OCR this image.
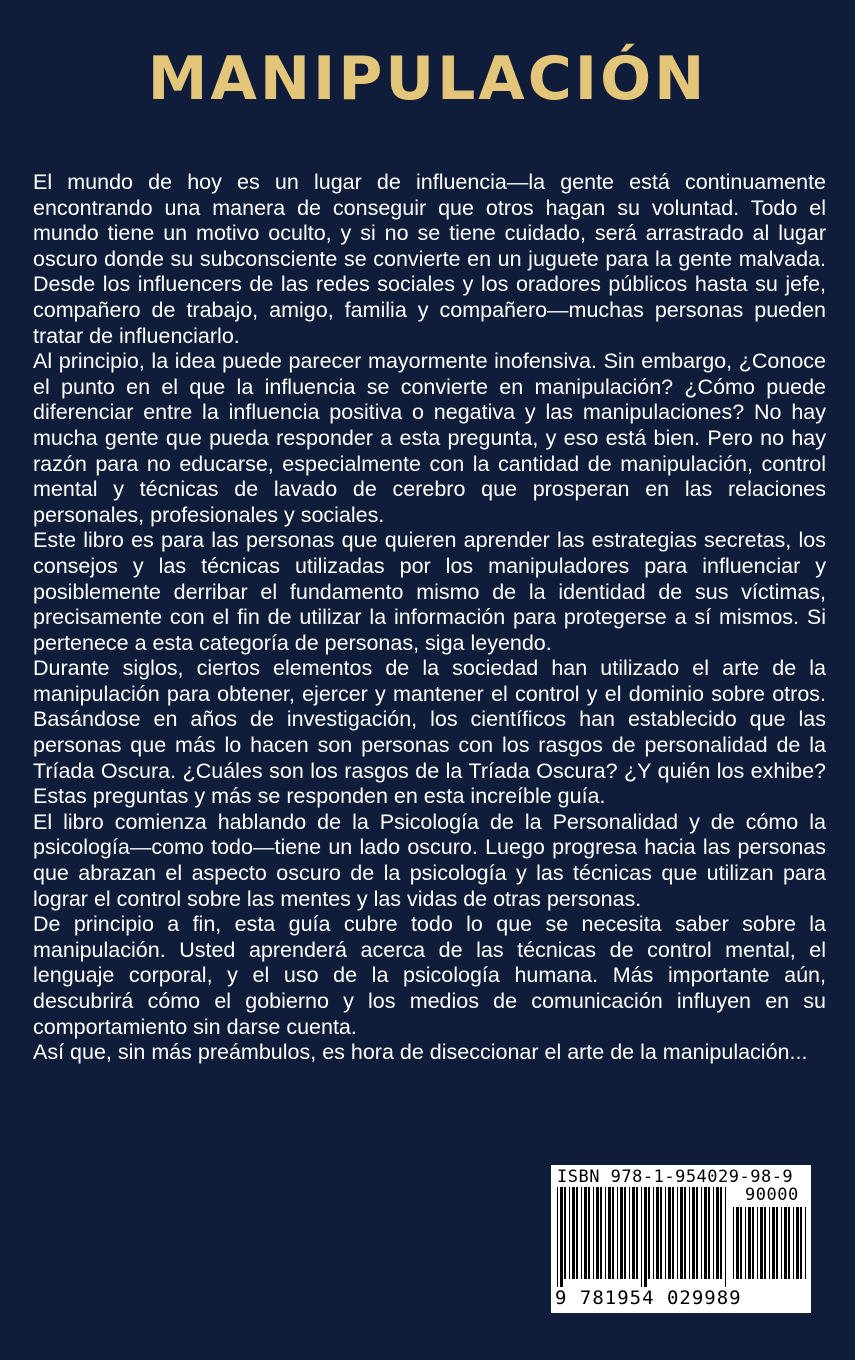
MANIPULACIÓN

El mundo de hoy es un lugar de influencia—la gente está continuamente encontrando una manera de conseguir que otros hagan su voluntad. Todo el mundo tiene un motivo oculto, y si no se tiene cuidado, será arrastrado al lugar oscuro donde su subconsciente se convierte en un juguete para la gente malvada. Desde los influencers de las redes sociales y los oradores públicos hasta su jefe, compañero de trabajo, amigo, familia y compañero—muchas personas pueden tratar de influenciarlo.

Al principio, la idea puede parecer mayormente inofensiva. Sin embargo, ¿Conoce el punto en el que la influencia se convierte en manipulación? ¿Cómo puede diferenciar entre la influencia positiva o negativa y las manipulaciones? No hay mucha gente que pueda responder a esta pregunta, y eso está bien. Pero no hay razón para no educarse, especialmente con la cantidad de manipulación, control mental y técnicas de lavado de cerebro que prosperan en las relaciones personales, profesionales y sociales.

Este libro es para las personas que quieren aprender las estrategias secretas, los consejos y las técnicas utilizadas por los manipuladores para influenciar y posiblemente derribar el fundamento mismo de la identidad de sus víctimas, precisamente con el fin de utilizar la información para protegerse a sí mismos. Si pertenece a esta categoría de personas, siga leyendo.

Durante siglos, ciertos elementos de la sociedad han utilizado el arte de la manipulación para obtener, ejercer y mantener el control y el dominio sobre otros. Basándose en años de investigación, los científicos han establecido que las personas que más lo hacen son personas con los rasgos de personalidad de la Tríada Oscura. ¿Cuáles son los rasgos de la Tríada Oscura? ¿Y quién los exhibe? Estas preguntas y más se responden en esta increíble guía.

El libro comienza hablando de la Psicología de la Personalidad y de cómo la psicología—como todo—tiene un lado oscuro. Luego progresa hacia las personas que abrazan el aspecto oscuro de la psicología y las técnicas que utilizan para lograr el control sobre las mentes y las vidas de otras personas.

De principio a fin, esta guía cubre todo lo que se necesita saber sobre la manipulación. Usted aprenderá acerca de las técnicas de control mental, el lenguaje corporal, y el uso de la psicología humana. Más importante aún, descubrirá cómo el gobierno y los medios de comunicación influyen en su comportamiento sin darse cuenta.

Así que, sin más preámbulos, es hora de diseccionar el arte de la manipulación...

ISBN 978-1-954029-98-9
90000
9 781954 029989
